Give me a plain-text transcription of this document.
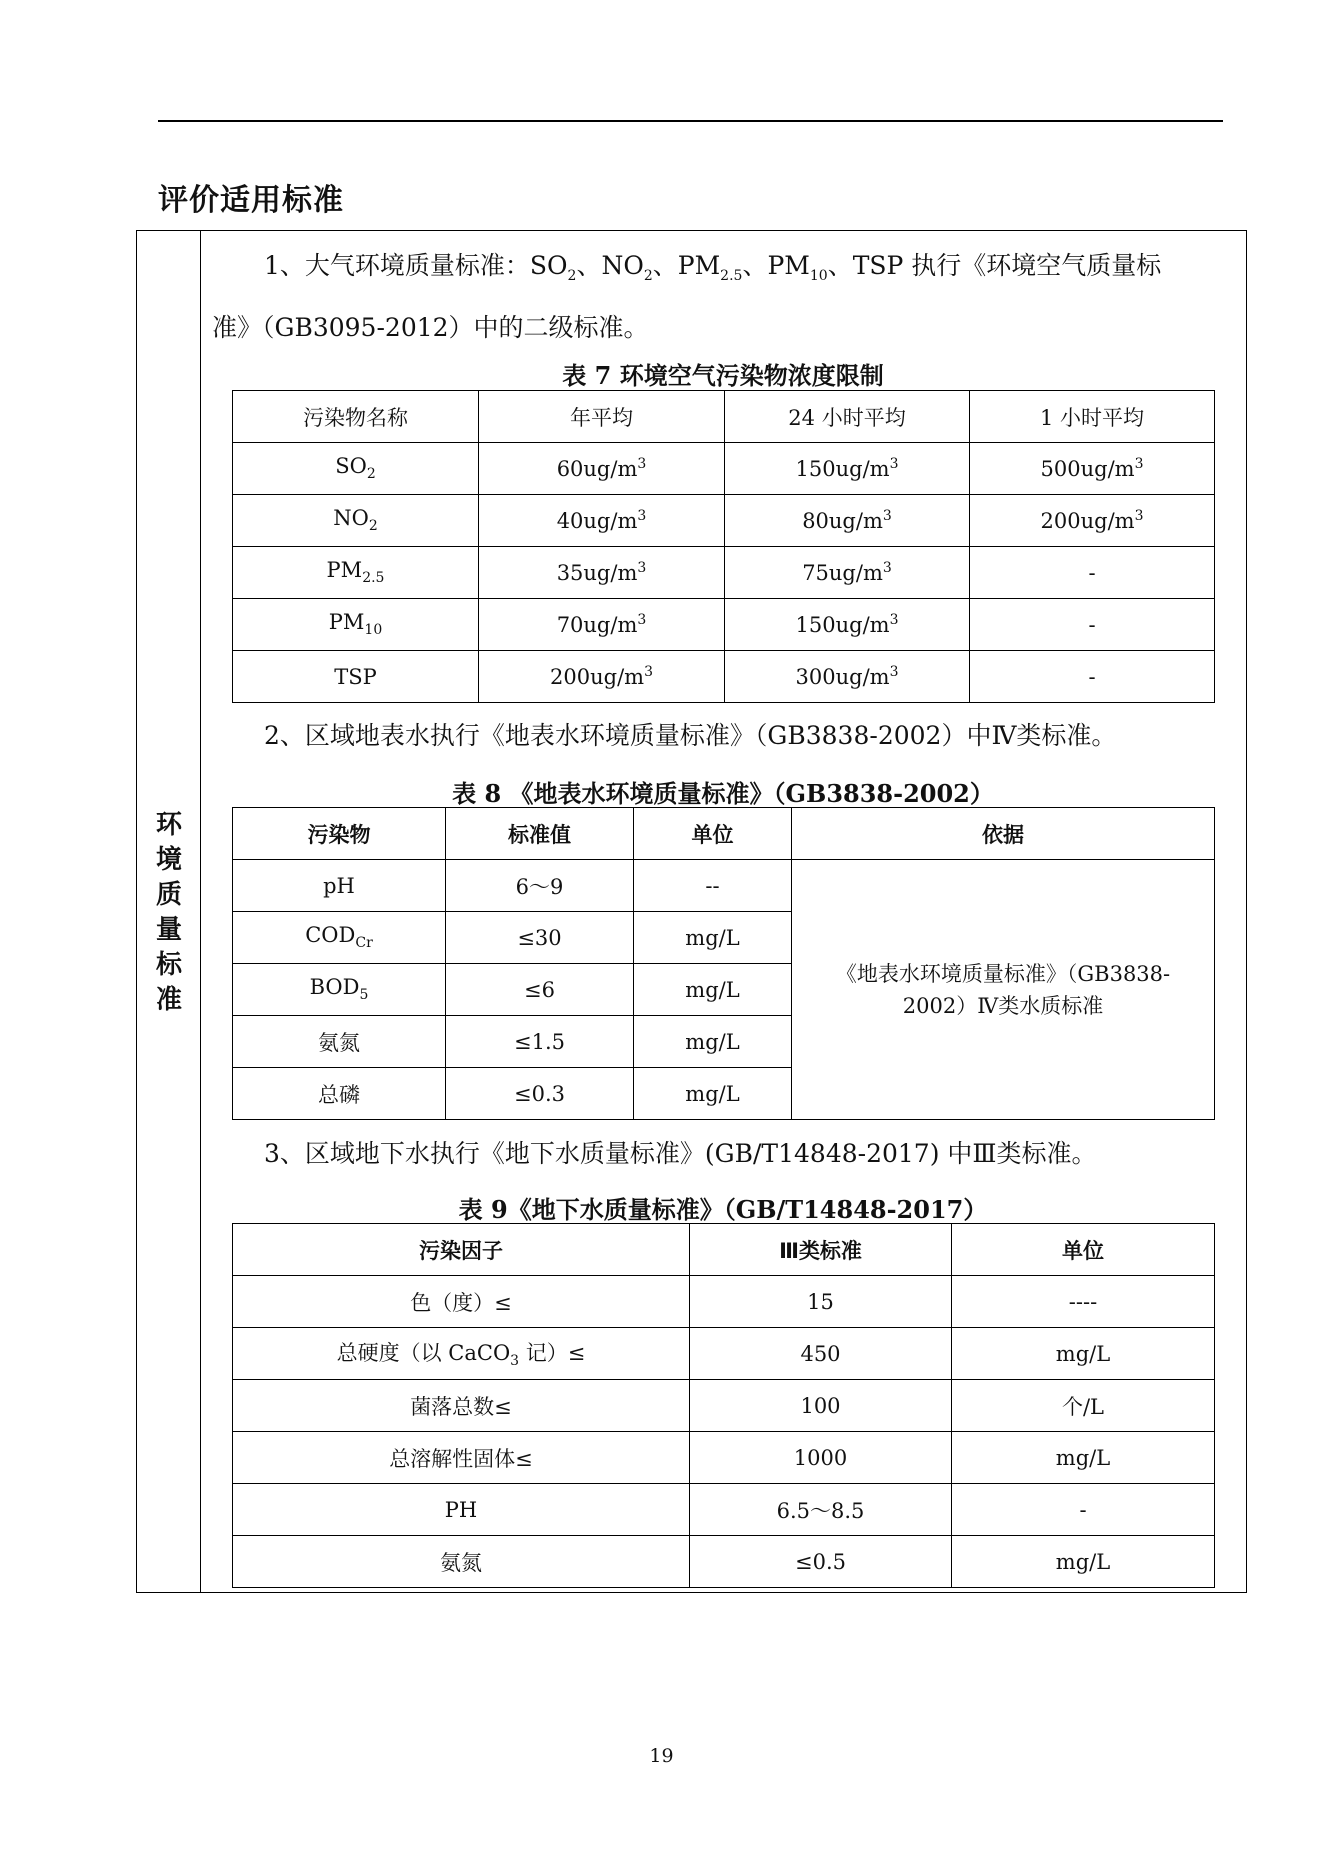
评价适用标准
环
境
质
量
标
准
1、大气环境质量标准：$SO_2$、$NO_2$、$PM_{2.5}$、$PM_{10}$、TSP 执行《环境空气质量标
准》（GB3095-2012）中的二级标准。
表 7 环境空气污染物浓度限制
污染物名称	年平均	24 小时平均	1 小时平均
$SO_2$	$60ug/m^3$	$150ug/m^3$	$500ug/m^3$
$NO_2$	$40ug/m^3$	$80ug/m^3$	$200ug/m^3$
$PM_{2.5}$	$35ug/m^3$	$75ug/m^3$	-
$PM_{10}$	$70ug/m^3$	$150ug/m^3$	-
TSP	$200ug/m^3$	$300ug/m^3$	-
2、区域地表水执行《地表水环境质量标准》（GB3838-2002）中Ⅳ类标准。
表 8 《地表水环境质量标准》（GB3838-2002）
污染物	标准值	单位	依据
pH	6～9	--	《地表水环境质量标准》（GB3838-
2002）Ⅳ类水质标准

$COD_{Cr}$	≤30	mg/L	
$BOD_5$	≤6	mg/L	
氨氮	≤1.5	mg/L	
总磷	≤0.3	mg/L	
3、区域地下水执行《地下水质量标准》(GB/T14848-2017) 中Ⅲ类标准。
表 9《地下水质量标准》（GB/T14848-2017）
污染因子	Ⅲ类标准	单位
色（度）≤	15	----
总硬度（以 CaCO$_3$ 记）≤	450	mg/L
菌落总数≤	100	个/L
总溶解性固体≤	1000	mg/L
PH	6.5～8.5	-
氨氮	≤0.5	mg/L
19
